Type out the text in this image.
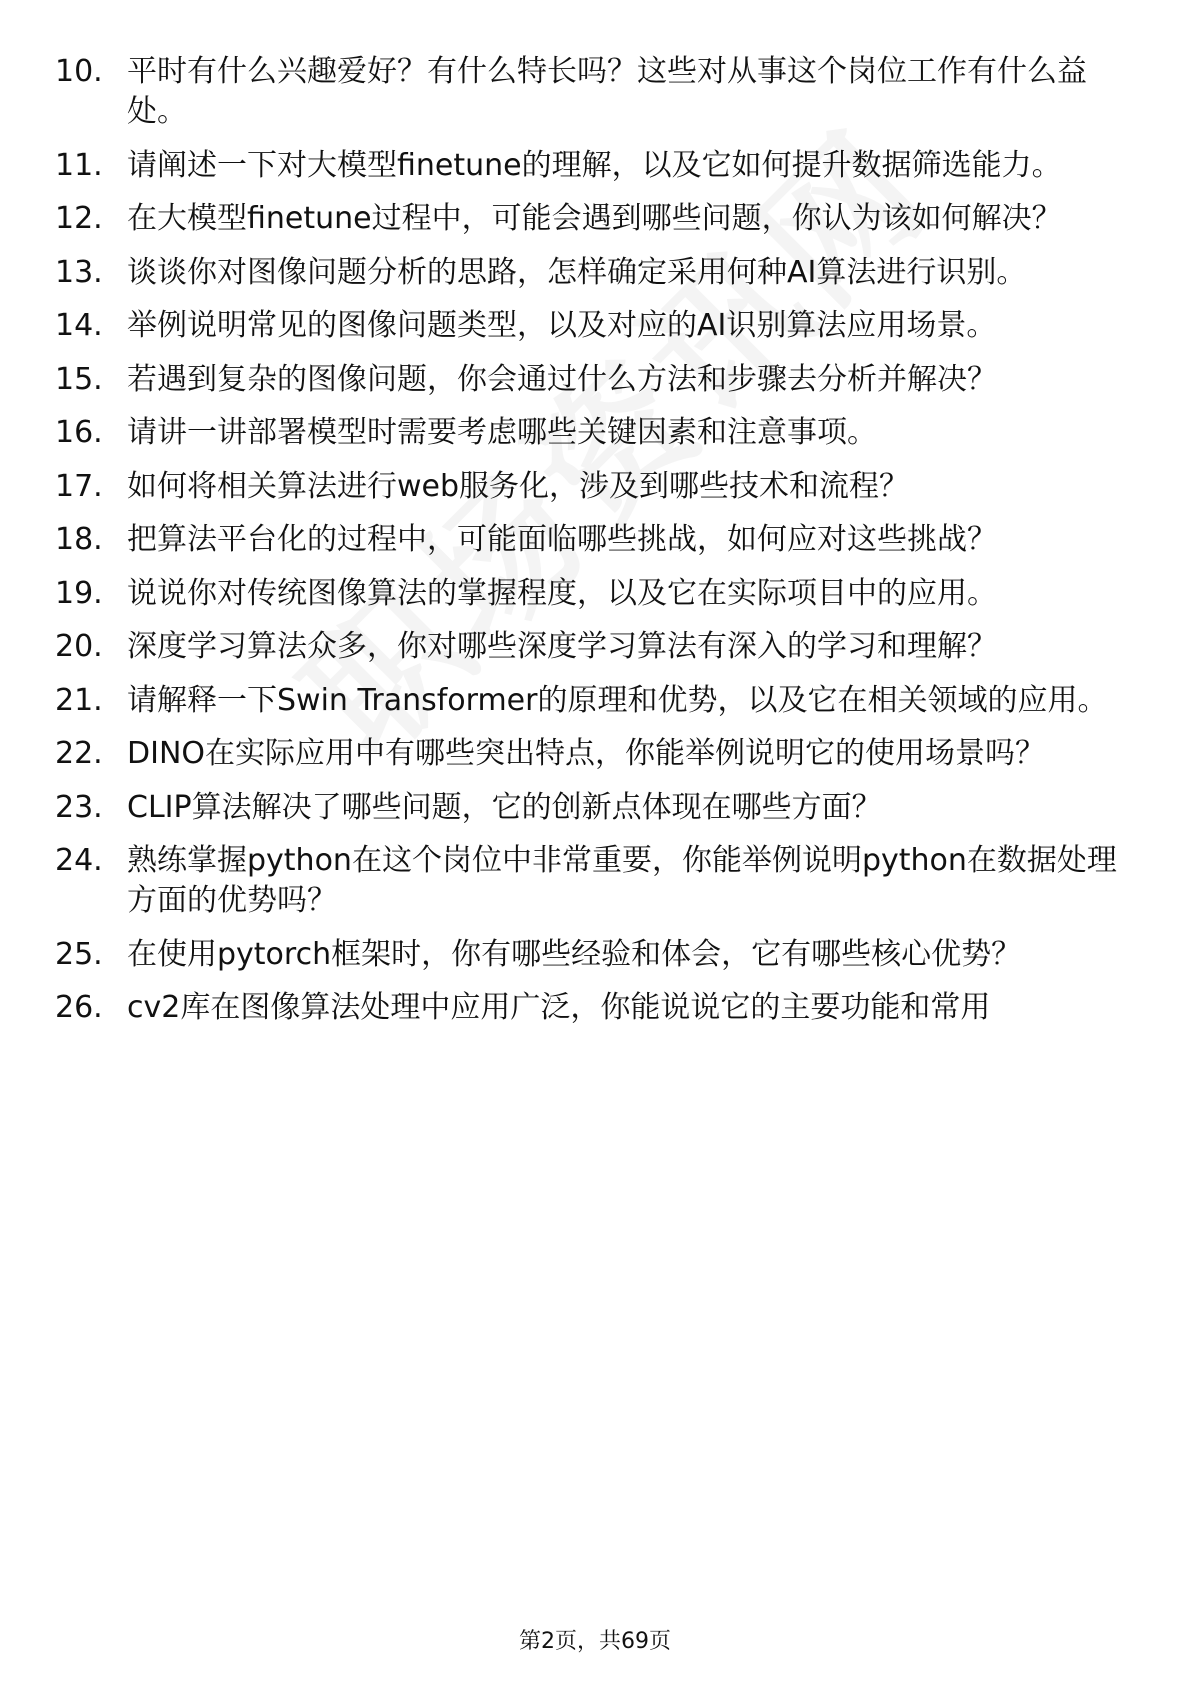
10. 平时有什么兴趣爱好？有什么特长吗？这些对从事这个岗位工作有什么益处。
11. 请阐述一下对大模型finetune的理解，以及它如何提升数据筛选能力。
12. 在大模型finetune过程中，可能会遇到哪些问题，你认为该如何解决？
13. 谈谈你对图像问题分析的思路，怎样确定采用何种AI算法进行识别。
14. 举例说明常见的图像问题类型，以及对应的AI识别算法应用场景。
15. 若遇到复杂的图像问题，你会通过什么方法和步骤去分析并解决？
16. 请讲一讲部署模型时需要考虑哪些关键因素和注意事项。
17. 如何将相关算法进行web服务化，涉及到哪些技术和流程？
18. 把算法平台化的过程中，可能面临哪些挑战，如何应对这些挑战？
19. 说说你对传统图像算法的掌握程度，以及它在实际项目中的应用。
20. 深度学习算法众多，你对哪些深度学习算法有深入的学习和理解？
21. 请解释一下Swin Transformer的原理和优势，以及它在相关领域的应用。
22. DINO在实际应用中有哪些突出特点，你能举例说明它的使用场景吗？
23. CLIP算法解决了哪些问题，它的创新点体现在哪些方面？
24. 熟练掌握python在这个岗位中非常重要，你能举例说明python在数据处理方面的优势吗？
25. 在使用pytorch框架时，你有哪些经验和体会，它有哪些核心优势？
26. cv2库在图像算法处理中应用广泛，你能说说它的主要功能和常用
第2页，共69页
